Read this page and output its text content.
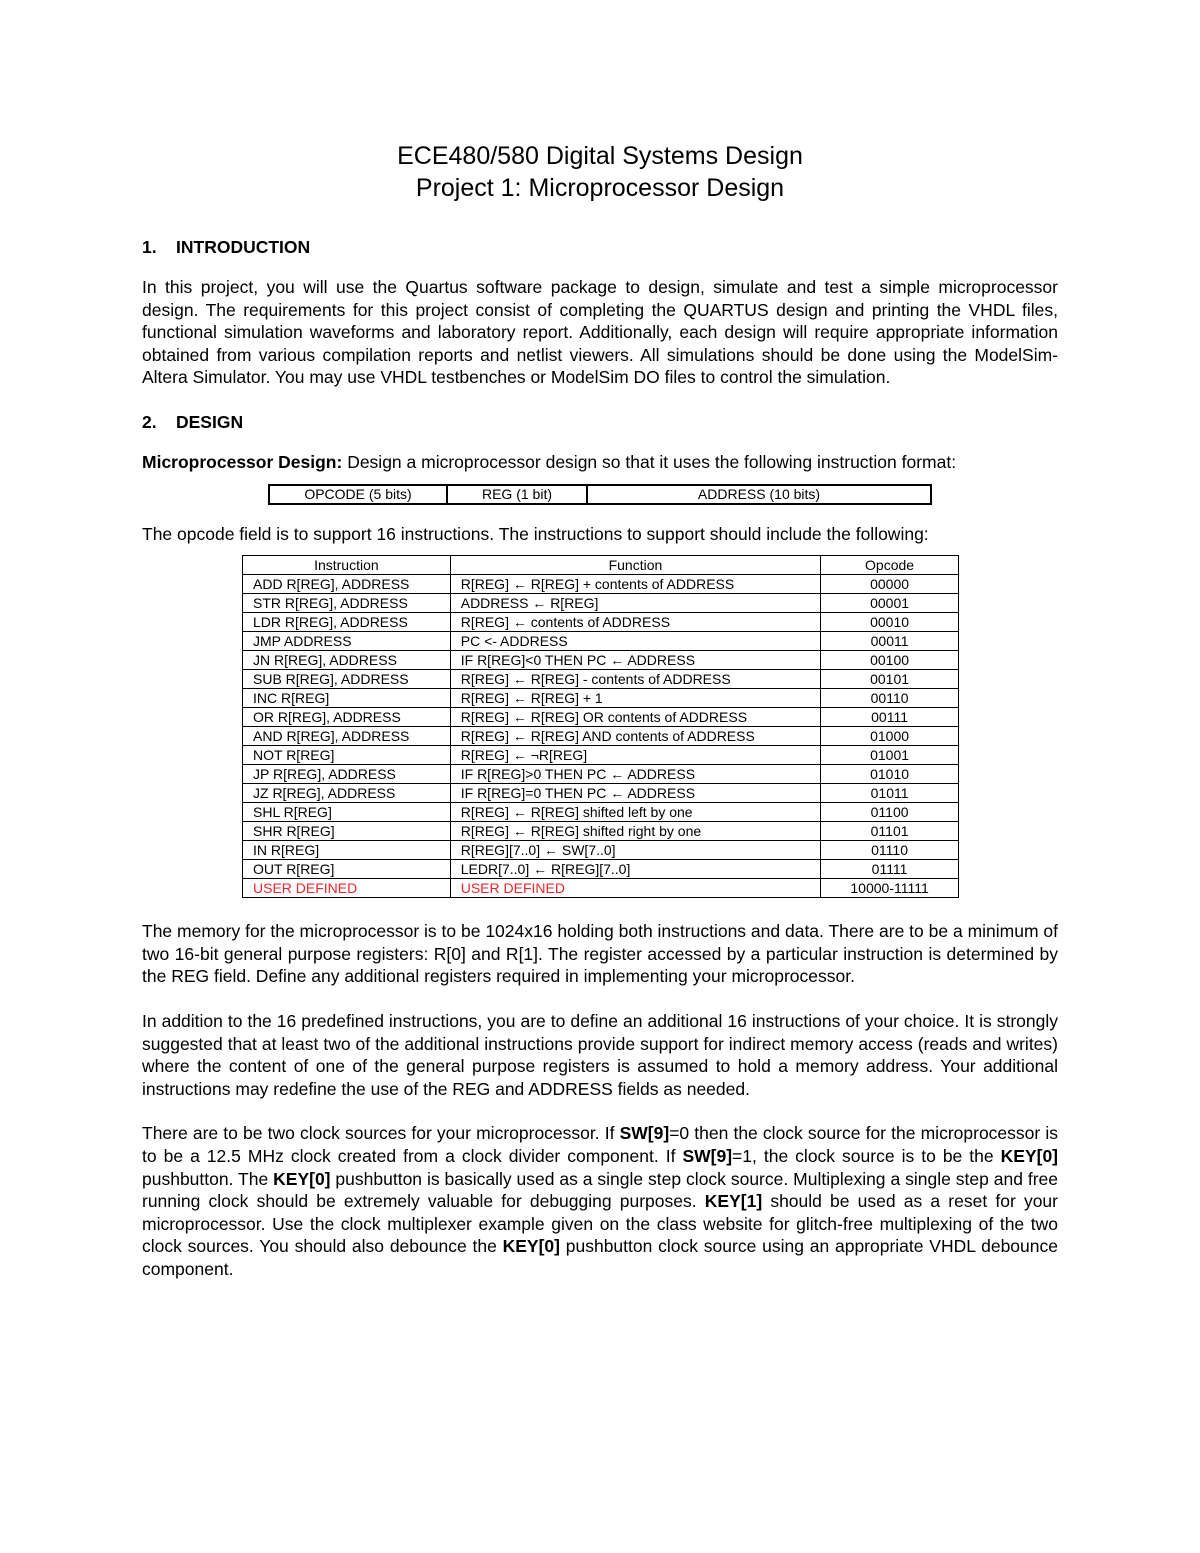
ECE480/580 Digital Systems Design
Project 1: Microprocessor Design
1. INTRODUCTION

In this project, you will use the Quartus software package to design, simulate and test a simple microprocessor design. The requirements for this project consist of completing the QUARTUS design and printing the VHDL files, functional simulation waveforms and laboratory report. Additionally, each design will require appropriate information obtained from various compilation reports and netlist viewers. All simulations should be done using the ModelSim-Altera Simulator. You may use VHDL testbenches or ModelSim DO files to control the simulation.

2. DESIGN

Microprocessor Design: Design a microprocessor design so that it uses the following instruction format:

OPCODE (5 bits)	REG (1 bit)	ADDRESS (10 bits)

The opcode field is to support 16 instructions. The instructions to support should include the following:

Instruction	Function	Opcode
ADD R[REG], ADDRESS	R[REG] ← R[REG] + contents of ADDRESS	00000
STR R[REG], ADDRESS	ADDRESS ← R[REG]	00001
LDR R[REG], ADDRESS	R[REG] ← contents of ADDRESS	00010
JMP ADDRESS	PC <- ADDRESS	00011
JN R[REG], ADDRESS	IF R[REG]<0 THEN PC ← ADDRESS	00100
SUB R[REG], ADDRESS	R[REG] ← R[REG] - contents of ADDRESS	00101
INC R[REG]	R[REG] ← R[REG] + 1	00110
OR R[REG], ADDRESS	R[REG] ← R[REG] OR contents of ADDRESS	00111
AND R[REG], ADDRESS	R[REG] ← R[REG] AND contents of ADDRESS	01000
NOT R[REG]	R[REG] ← ¬R[REG]	01001
JP R[REG], ADDRESS	IF R[REG]>0 THEN PC ← ADDRESS	01010
JZ R[REG], ADDRESS	IF R[REG]=0 THEN PC ← ADDRESS	01011
SHL R[REG]	R[REG] ← R[REG] shifted left by one	01100
SHR R[REG]	R[REG] ← R[REG] shifted right by one	01101
IN R[REG]	R[REG][7..0] ← SW[7..0]	01110
OUT R[REG]	LEDR[7..0] ← R[REG][7..0]	01111
USER DEFINED	USER DEFINED	10000-11111

The memory for the microprocessor is to be 1024x16 holding both instructions and data. There are to be a minimum of two 16-bit general purpose registers: R[0] and R[1]. The register accessed by a particular instruction is determined by the REG field. Define any additional registers required in implementing your microprocessor.

In addition to the 16 predefined instructions, you are to define an additional 16 instructions of your choice. It is strongly suggested that at least two of the additional instructions provide support for indirect memory access (reads and writes) where the content of one of the general purpose registers is assumed to hold a memory address. Your additional instructions may redefine the use of the REG and ADDRESS fields as needed.

There are to be two clock sources for your microprocessor. If SW[9]=0 then the clock source for the microprocessor is to be a 12.5 MHz clock created from a clock divider component. If SW[9]=1, the clock source is to be the KEY[0] pushbutton. The KEY[0] pushbutton is basically used as a single step clock source. Multiplexing a single step and free running clock should be extremely valuable for debugging purposes. KEY[1] should be used as a reset for your microprocessor. Use the clock multiplexer example given on the class website for glitch-free multiplexing of the two clock sources. You should also debounce the KEY[0] pushbutton clock source using an appropriate VHDL debounce component.
